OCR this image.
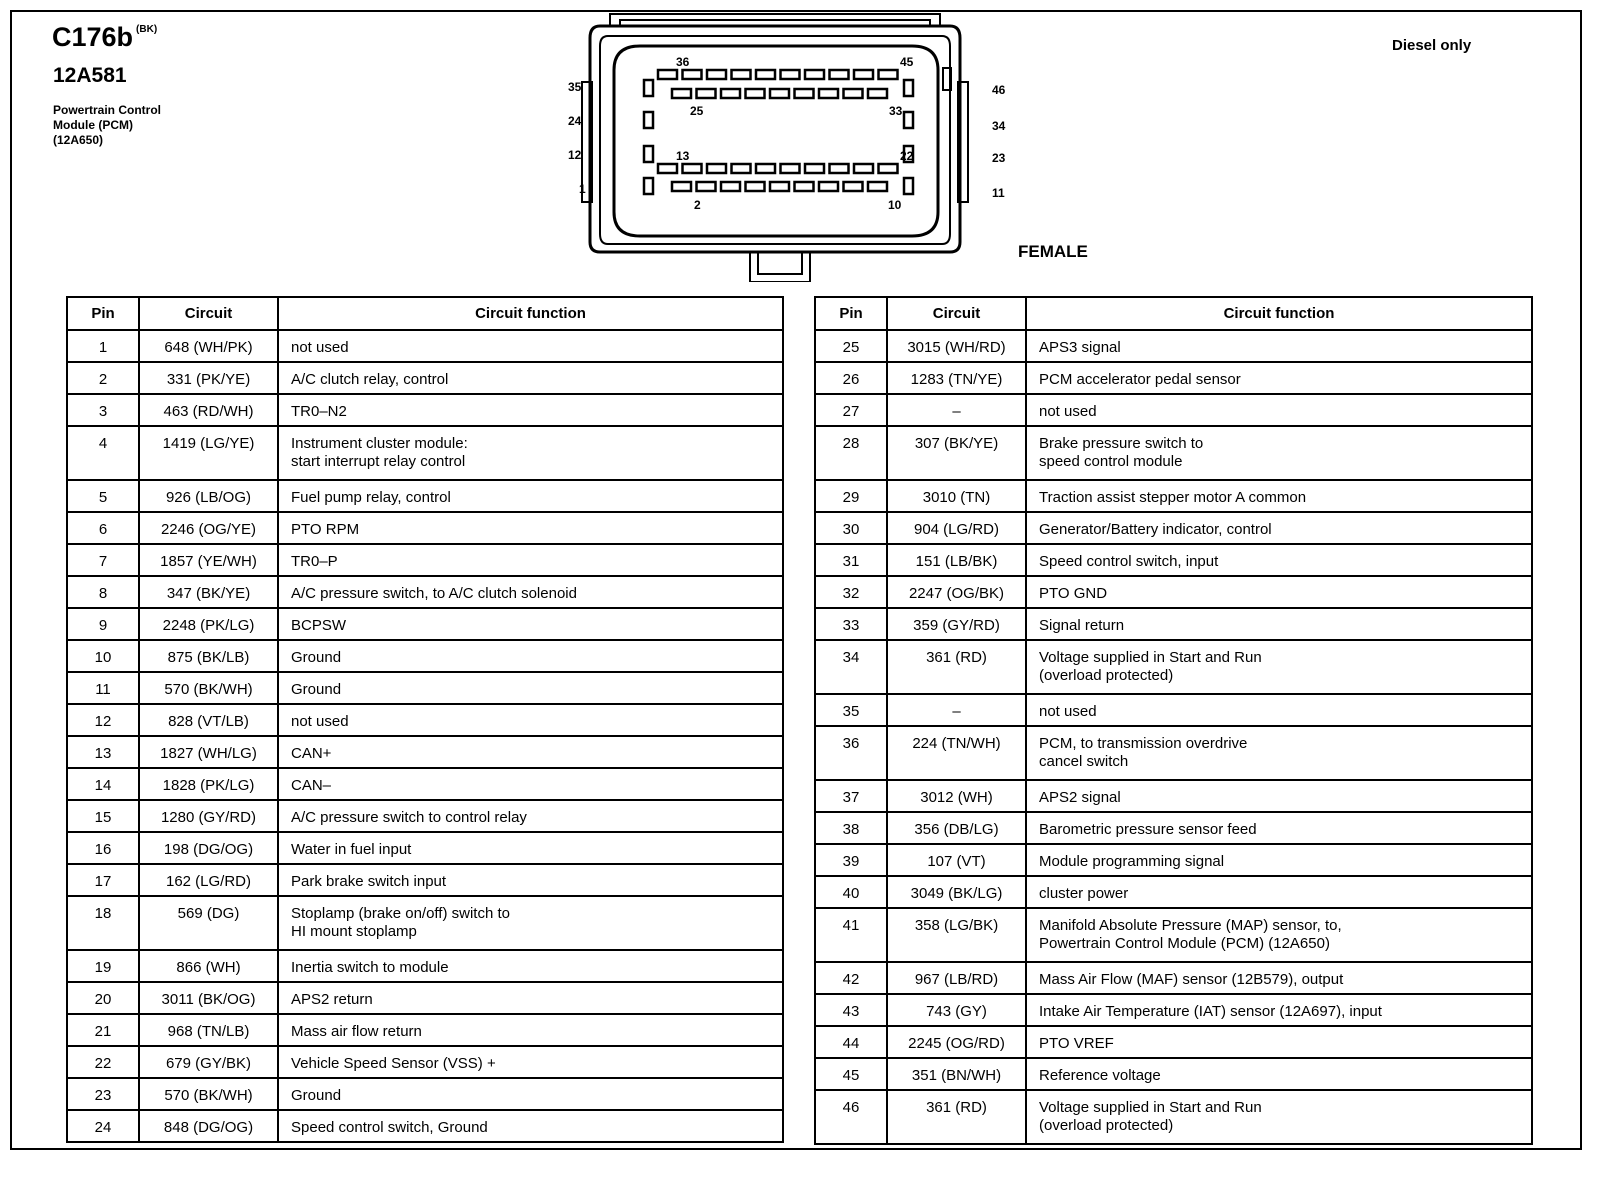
C176b $^{(BK)}$
12A581
Powertrain Control
Module (PCM)
(12A650)
Diesel only
35
24
12
1
46
34
23
11
36	45
25	33
13	22
2	10
FEMALE
Pin	Circuit	Circuit function
1	648 (WH/PK)	not used
2	331 (PK/YE)	A/C clutch relay, control
3	463 (RD/WH)	TR0–N2
4	1419 (LG/YE)	Instrument cluster module:
start interrupt relay control
5	926 (LB/OG)	Fuel pump relay, control
6	2246 (OG/YE)	PTO RPM
7	1857 (YE/WH)	TR0–P
8	347 (BK/YE)	A/C pressure switch, to A/C clutch solenoid
9	2248 (PK/LG)	BCPSW
10	875 (BK/LB)	Ground
11	570 (BK/WH)	Ground
12	828 (VT/LB)	not used
13	1827 (WH/LG)	CAN+
14	1828 (PK/LG)	CAN–
15	1280 (GY/RD)	A/C pressure switch to control relay
16	198 (DG/OG)	Water in fuel input
17	162 (LG/RD)	Park brake switch input
18	569 (DG)	Stoplamp (brake on/off) switch to
HI mount stoplamp
19	866 (WH)	Inertia switch to module
20	3011 (BK/OG)	APS2 return
21	968 (TN/LB)	Mass air flow return
22	679 (GY/BK)	Vehicle Speed Sensor (VSS) +
23	570 (BK/WH)	Ground
24	848 (DG/OG)	Speed control switch, Ground
Pin	Circuit	Circuit function
25	3015 (WH/RD)	APS3 signal
26	1283 (TN/YE)	PCM accelerator pedal sensor
27	–	not used
28	307 (BK/YE)	Brake pressure switch to
speed control module
29	3010 (TN)	Traction assist stepper motor A common
30	904 (LG/RD)	Generator/Battery indicator, control
31	151 (LB/BK)	Speed control switch, input
32	2247 (OG/BK)	PTO GND
33	359 (GY/RD)	Signal return
34	361 (RD)	Voltage supplied in Start and Run
(overload protected)
35	–	not used
36	224 (TN/WH)	PCM, to transmission overdrive
cancel switch
37	3012 (WH)	APS2 signal
38	356 (DB/LG)	Barometric pressure sensor feed
39	107 (VT)	Module programming signal
40	3049 (BK/LG)	cluster power
41	358 (LG/BK)	Manifold Absolute Pressure (MAP) sensor, to,
Powertrain Control Module (PCM) (12A650)
42	967 (LB/RD)	Mass Air Flow (MAF) sensor (12B579), output
43	743 (GY)	Intake Air Temperature (IAT) sensor (12A697), input
44	2245 (OG/RD)	PTO VREF
45	351 (BN/WH)	Reference voltage
46	361 (RD)	Voltage supplied in Start and Run
(overload protected)
